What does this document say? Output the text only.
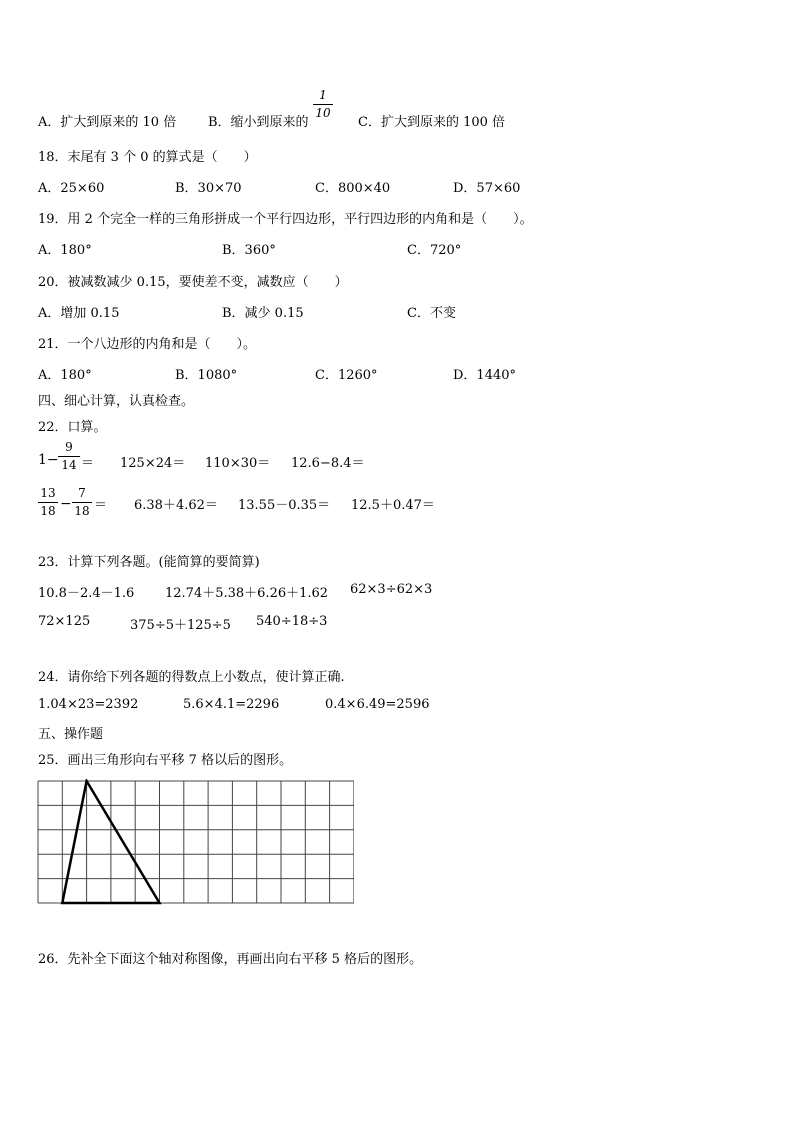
A．扩大到原来的 10 倍 B．缩小到原来的
1
10
C．扩大到原来的 100 倍
18．末尾有 3 个 0 的算式是（　　）
A．25×60	B．30×70	C．800×40	D．57×60
19．用 2 个完全一样的三角形拼成一个平行四边形，平行四边形的内角和是（　　）。
A．180°	B．360°	C．720°
20．被减数减少 0.15，要使差不变，减数应（　　）
A．增加 0.15	B．减少 0.15	C．不变
21．一个八边形的内角和是（　　）。
A．180°	B．1080°	C．1260°	D．1440°
四、细心计算，认真检查。
22．口算。
1−
9
14 ＝ 125×24＝ 110×30＝ 12.6−8.4＝
13
18 −
7
18 ＝ 6.38＋4.62＝ 13.55－0.35＝ 12.5＋0.47＝
23．计算下列各题。(能简算的要简算)
10.8－2.4－1.6 12.74＋5.38＋6.26＋1.62 62×3÷62×3
72×125	375÷5＋125÷5 540÷18÷3
24．请你给下列各题的得数点上小数点，使计算正确.
1.04×23=2392	5.6×4.1=2296	0.4×6.49=2596
五、操作题
25．画出三角形向右平移 7 格以后的图形。
26．先补全下面这个轴对称图像，再画出向右平移 5 格后的图形。
